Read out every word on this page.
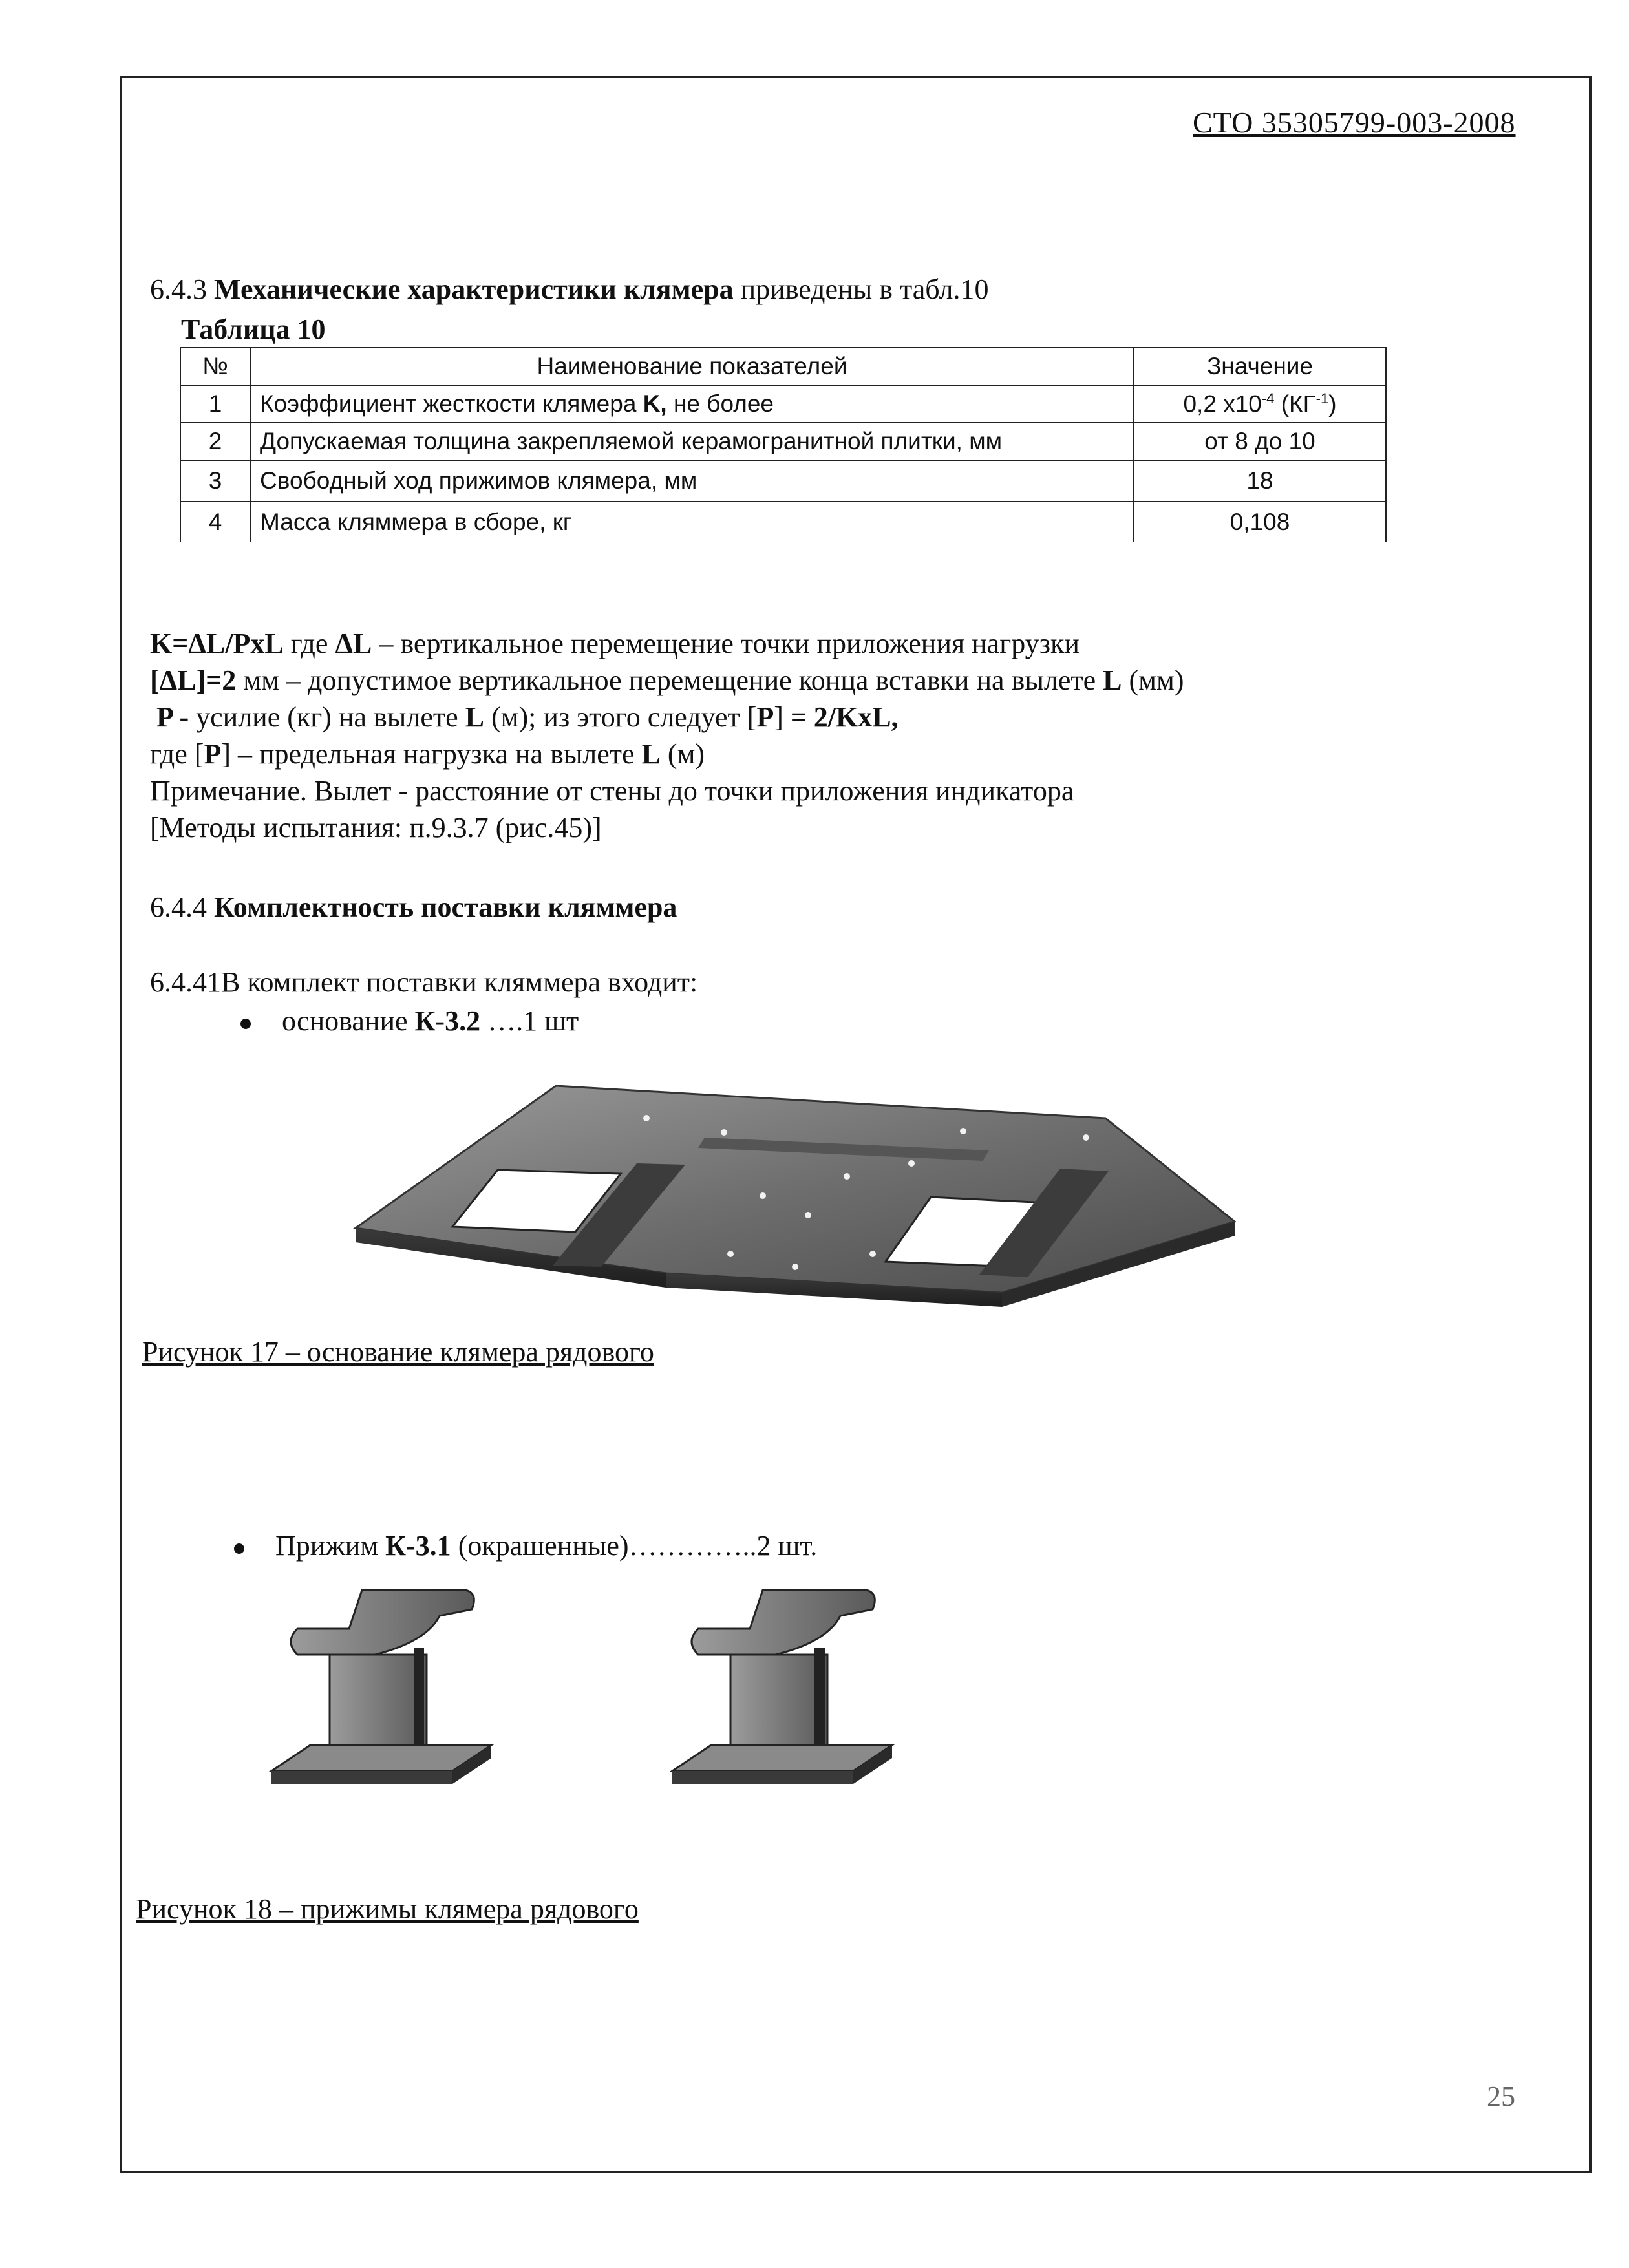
СТО 35305799-003-2008
6.4.3 Механические характеристики клямера приведены в табл.10
Таблица 10
№	Наименование показателей	Значение
1	Коэффициент жесткости клямера K, не более	0,2 $x10^{-4}$ $(КГ^{-1})$
2	Допускаемая толщина закрепляемой керамогранитной плитки, мм	от 8 до 10
3	Свободный ход прижимов клямера, мм	18
4	Масса кляммера в сборе, кг	0,108
K=ΔL/PxL где ΔL – вертикальное перемещение точки приложения нагрузки
[ΔL]=2 мм – допустимое вертикальное перемещение конца вставки на вылете L (мм)
P - усилие (кг) на вылете L (м); из этого следует [P] = 2/KxL,
где [P] – предельная нагрузка на вылете L (м)
Примечание. Вылет - расстояние от стены до точки приложения индикатора
[Методы испытания: п.9.3.7 (рис.45)]
6.4.4 Комплектность поставки кляммера
6.4.41В комплект поставки кляммера входит:
основание К-3.2 ….1 шт
Рисунок 17 – основание клямера рядового
Прижим К-3.1 (окрашенные)…………..2 шт.
Рисунок 18 – прижимы клямера рядового
25
